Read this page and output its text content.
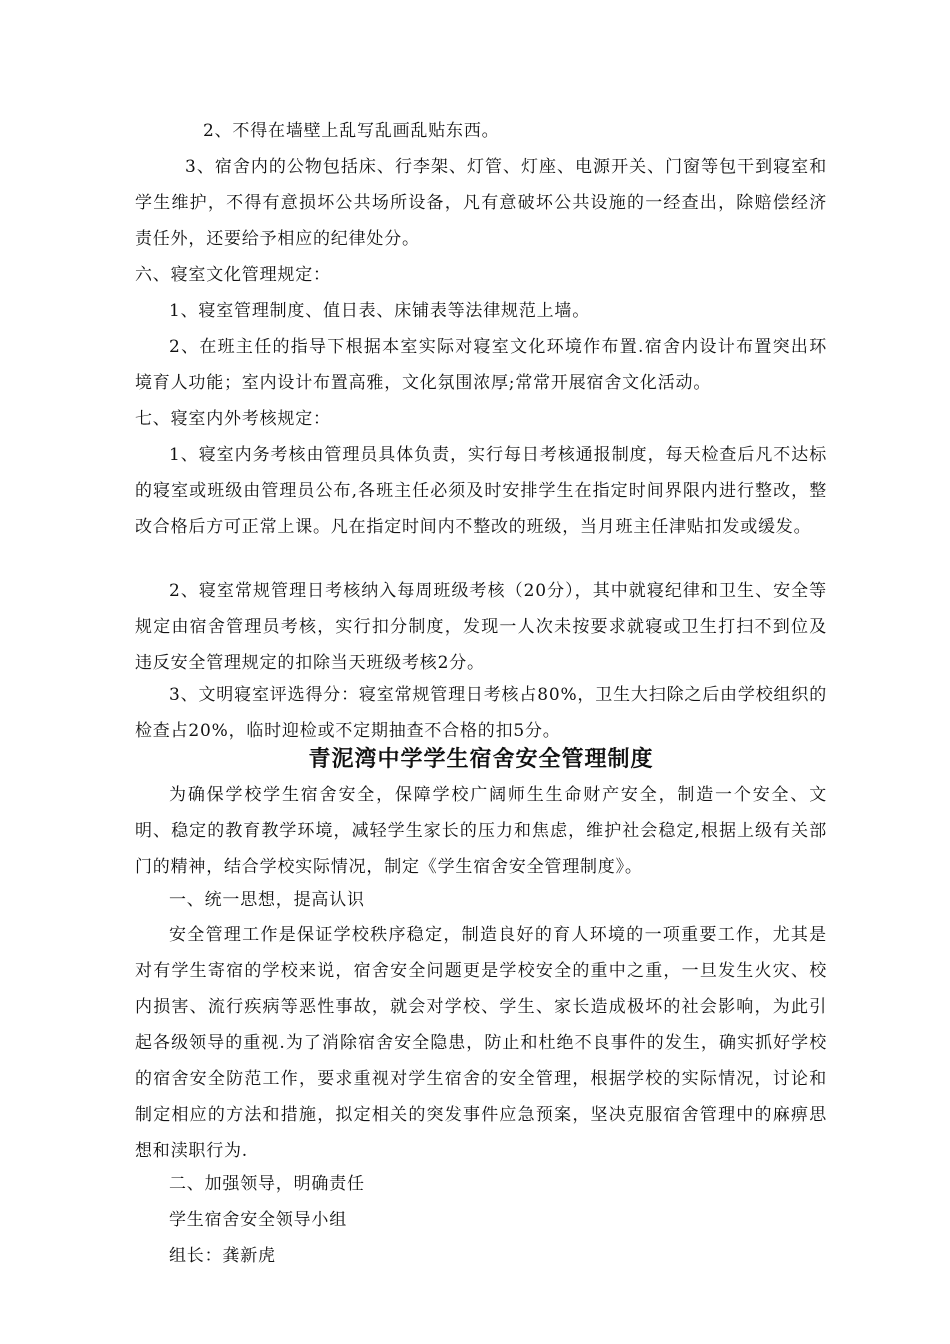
2、不得在墙壁上乱写乱画乱贴东西。

3、宿舍内的公物包括床、行李架、灯管、灯座、电源开关、门窗等包干到寝室和学生维护，不得有意损坏公共场所设备，凡有意破坏公共设施的一经查出，除赔偿经济责任外，还要给予相应的纪律处分。

六、寝室文化管理规定：

1、寝室管理制度、值日表、床铺表等法律规范上墙。

2、在班主任的指导下根据本室实际对寝室文化环境作布置.宿舍内设计布置突出环境育人功能；室内设计布置高雅，文化氛围浓厚;常常开展宿舍文化活动。

七、寝室内外考核规定：

1、寝室内务考核由管理员具体负责，实行每日考核通报制度，每天检查后凡不达标的寝室或班级由管理员公布,各班主任必须及时安排学生在指定时间界限内进行整改，整改合格后方可正常上课。凡在指定时间内不整改的班级，当月班主任津贴扣发或缓发。

2、寝室常规管理日考核纳入每周班级考核（20分），其中就寝纪律和卫生、安全等规定由宿舍管理员考核，实行扣分制度，发现一人次未按要求就寝或卫生打扫不到位及违反安全管理规定的扣除当天班级考核2分。

3、文明寝室评选得分：寝室常规管理日考核占80%，卫生大扫除之后由学校组织的检查占20%，临时迎检或不定期抽查不合格的扣5分。

青泥湾中学学生宿舍安全管理制度

为确保学校学生宿舍安全，保障学校广阔师生生命财产安全，制造一个安全、文明、稳定的教育教学环境，减轻学生家长的压力和焦虑，维护社会稳定,根据上级有关部门的精神，结合学校实际情况，制定《学生宿舍安全管理制度》。

一、统一思想，提高认识

安全管理工作是保证学校秩序稳定，制造良好的育人环境的一项重要工作，尤其是对有学生寄宿的学校来说，宿舍安全问题更是学校安全的重中之重，一旦发生火灾、校内损害、流行疾病等恶性事故，就会对学校、学生、家长造成极坏的社会影响，为此引起各级领导的重视.为了消除宿舍安全隐患，防止和杜绝不良事件的发生，确实抓好学校的宿舍安全防范工作，要求重视对学生宿舍的安全管理，根据学校的实际情况，讨论和制定相应的方法和措施，拟定相关的突发事件应急预案，坚决克服宿舍管理中的麻痹思想和渎职行为.

二、加强领导，明确责任

学生宿舍安全领导小组

组长：龚新虎
